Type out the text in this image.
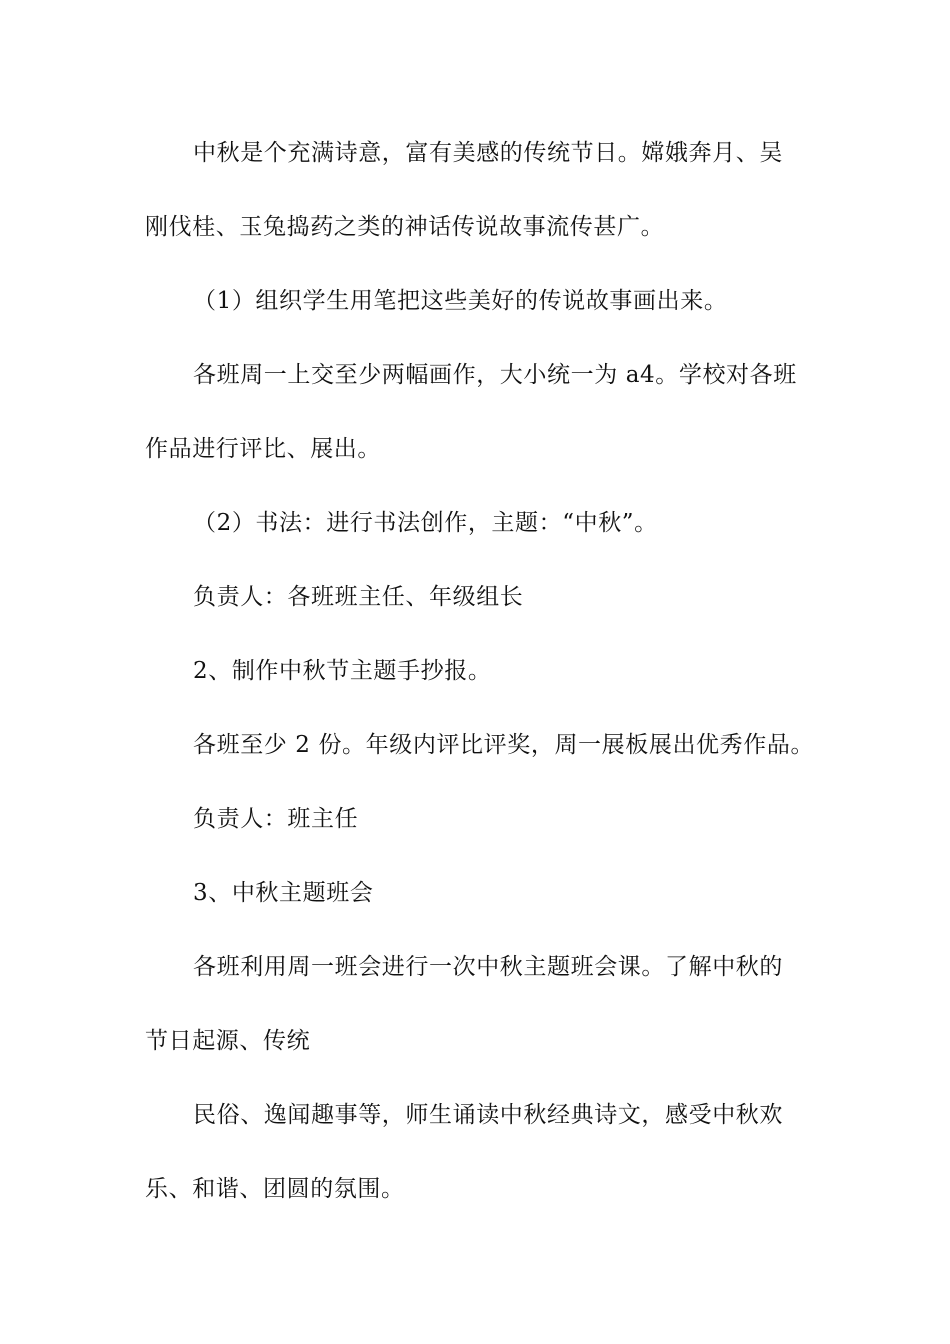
中秋是个充满诗意，富有美感的传统节日。嫦娥奔月、吴
刚伐桂、玉兔捣药之类的神话传说故事流传甚广。
（1）组织学生用笔把这些美好的传说故事画出来。
各班周一上交至少两幅画作，大小统一为 a4。学校对各班
作品进行评比、展出。
（2）书法：进行书法创作，主题：“中秋”。
负责人：各班班主任、年级组长
2、制作中秋节主题手抄报。
各班至少 2 份。年级内评比评奖，周一展板展出优秀作品。
负责人：班主任
3、中秋主题班会
各班利用周一班会进行一次中秋主题班会课。了解中秋的
节日起源、传统
民俗、逸闻趣事等，师生诵读中秋经典诗文，感受中秋欢
乐、和谐、团圆的氛围。
